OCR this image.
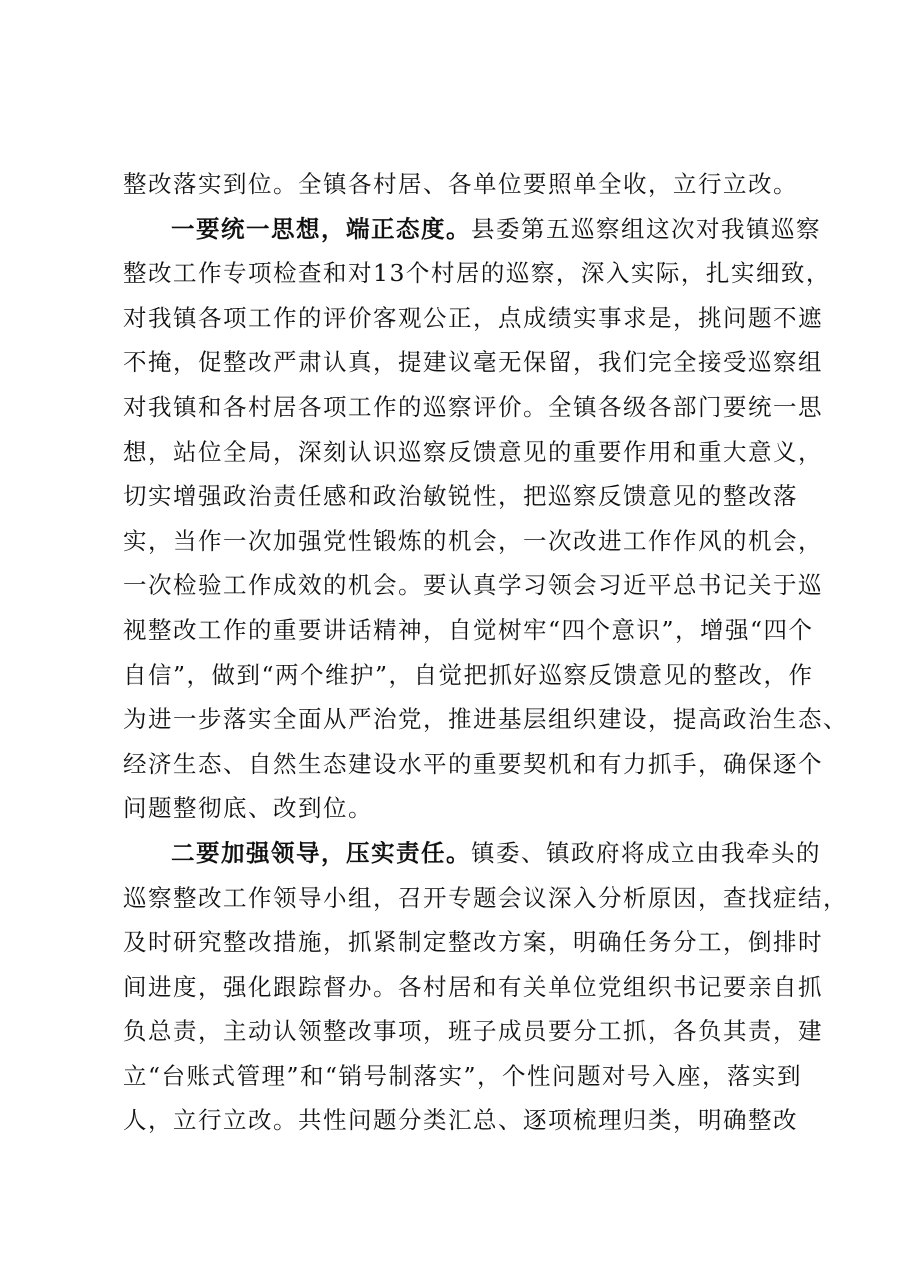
整改落实到位。全镇各村居、各单位要照单全收，立行立改。
一要统一思想，端正态度。县委第五巡察组这次对我镇巡察
整改工作专项检查和对13个村居的巡察，深入实际，扎实细致，
对我镇各项工作的评价客观公正，点成绩实事求是，挑问题不遮
不掩，促整改严肃认真，提建议毫无保留，我们完全接受巡察组
对我镇和各村居各项工作的巡察评价。全镇各级各部门要统一思
想，站位全局，深刻认识巡察反馈意见的重要作用和重大意义，
切实增强政治责任感和政治敏锐性，把巡察反馈意见的整改落
实，当作一次加强党性锻炼的机会，一次改进工作作风的机会，
一次检验工作成效的机会。要认真学习领会习近平总书记关于巡
视整改工作的重要讲话精神，自觉树牢“四个意识”，增强“四个
自信”，做到“两个维护”，自觉把抓好巡察反馈意见的整改，作
为进一步落实全面从严治党，推进基层组织建设，提高政治生态、
经济生态、自然生态建设水平的重要契机和有力抓手，确保逐个
问题整彻底、改到位。
二要加强领导，压实责任。镇委、镇政府将成立由我牵头的
巡察整改工作领导小组，召开专题会议深入分析原因，查找症结，
及时研究整改措施，抓紧制定整改方案，明确任务分工，倒排时
间进度，强化跟踪督办。各村居和有关单位党组织书记要亲自抓
负总责，主动认领整改事项，班子成员要分工抓，各负其责，建
立“台账式管理”和“销号制落实”，个性问题对号入座，落实到
人，立行立改。共性问题分类汇总、逐项梳理归类，明确整改
